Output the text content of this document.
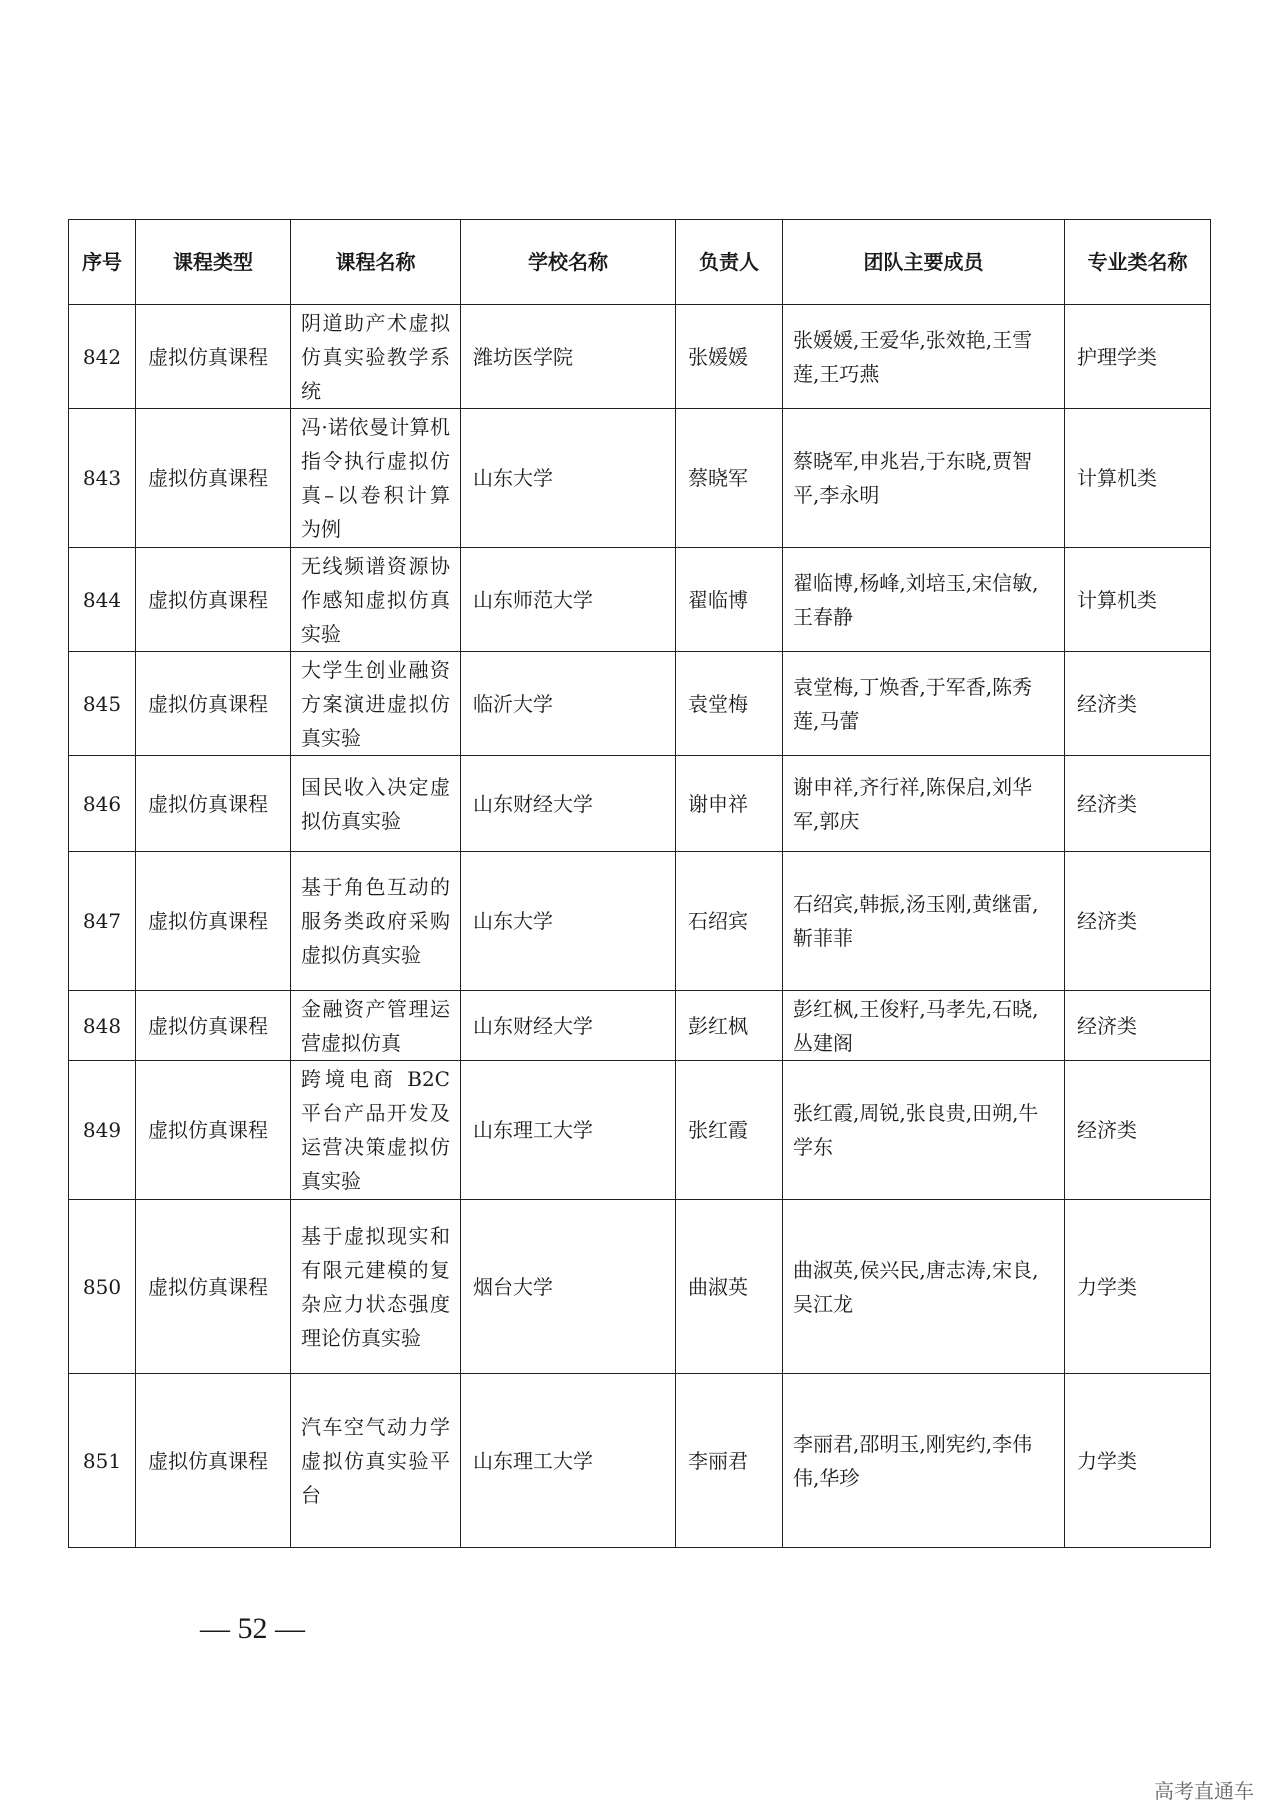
序号	课程类型	课程名称	学校名称	负责人	团队主要成员	专业类名称
842	虚拟仿真课程	阴道助产术虚拟仿真实验教学系统	潍坊医学院	张媛媛	张媛媛,王爱华,张效艳,王雪莲,王巧燕	护理学类
843	虚拟仿真课程	冯·诺依曼计算机指令执行虚拟仿真–以卷积计算为例	山东大学	蔡晓军	蔡晓军,申兆岩,于东晓,贾智平,李永明	计算机类
844	虚拟仿真课程	无线频谱资源协作感知虚拟仿真实验	山东师范大学	翟临博	翟临博,杨峰,刘培玉,宋信敏,王春静	计算机类
845	虚拟仿真课程	大学生创业融资方案演进虚拟仿真实验	临沂大学	袁堂梅	袁堂梅,丁焕香,于军香,陈秀莲,马蕾	经济类
846	虚拟仿真课程	国民收入决定虚拟仿真实验	山东财经大学	谢申祥	谢申祥,齐行祥,陈保启,刘华军,郭庆	经济类
847	虚拟仿真课程	基于角色互动的服务类政府采购虚拟仿真实验	山东大学	石绍宾	石绍宾,韩振,汤玉刚,黄继雷,靳菲菲	经济类
848	虚拟仿真课程	金融资产管理运营虚拟仿真	山东财经大学	彭红枫	彭红枫,王俊籽,马孝先,石晓,丛建阁	经济类
849	虚拟仿真课程	跨境电商 B2C 平台产品开发及运营决策虚拟仿真实验	山东理工大学	张红霞	张红霞,周锐,张良贵,田朔,牛学东	经济类
850	虚拟仿真课程	基于虚拟现实和有限元建模的复杂应力状态强度理论仿真实验	烟台大学	曲淑英	曲淑英,侯兴民,唐志涛,宋良,吴江龙	力学类
851	虚拟仿真课程	汽车空气动力学虚拟仿真实验平台	山东理工大学	李丽君	李丽君,邵明玉,刚宪约,李伟伟,华珍	力学类
— 52 —
高考直通车
